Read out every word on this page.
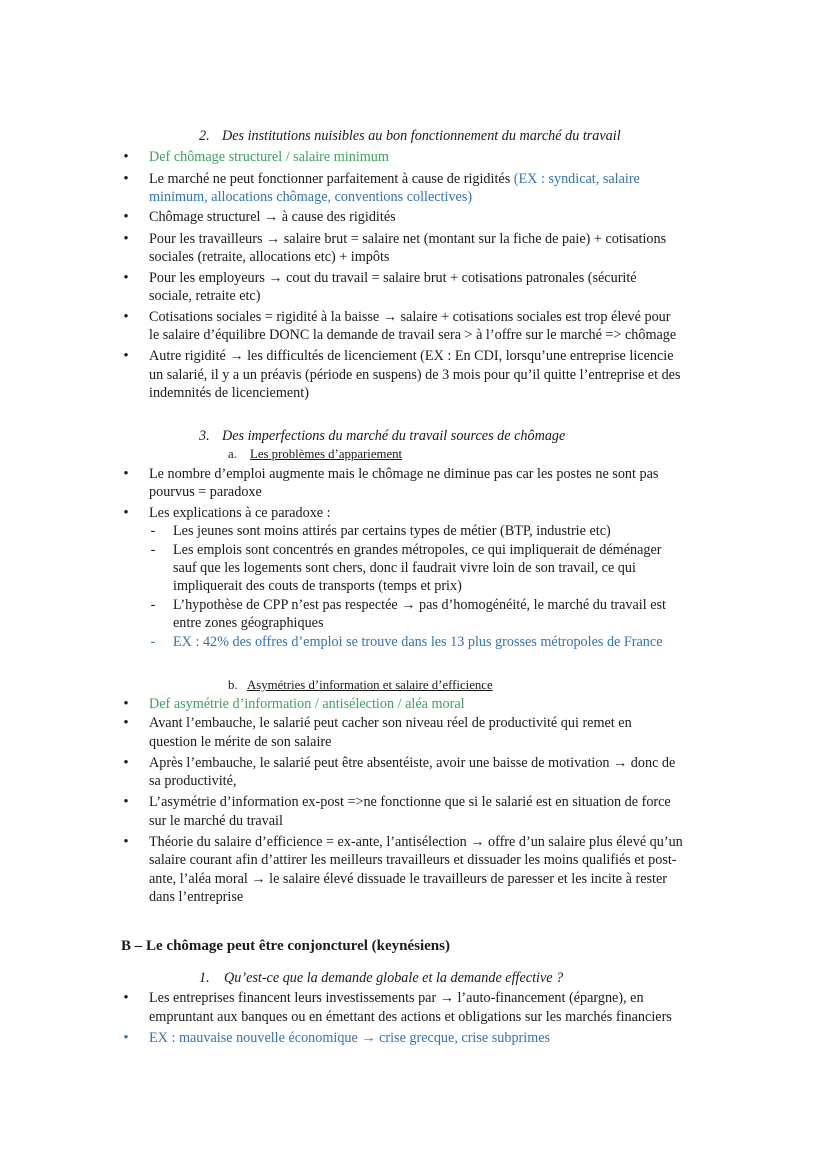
2. Des institutions nuisibles au bon fonctionnement du marché du travail
•	Def chômage structurel / salaire minimum
•	Le marché ne peut fonctionner parfaitement à cause de rigidités (EX : syndicat, salaire
minimum, allocations chômage, conventions collectives)
•	Chômage structurel → à cause des rigidités
•	Pour les travailleurs → salaire brut = salaire net (montant sur la fiche de paie) + cotisations
sociales (retraite, allocations etc) + impôts
•	Pour les employeurs → cout du travail = salaire brut + cotisations patronales (sécurité
sociale, retraite etc)
•	Cotisations sociales = rigidité à la baisse → salaire + cotisations sociales est trop élevé pour
le salaire d’équilibre DONC la demande de travail sera > à l’offre sur le marché => chômage
•	Autre rigidité → les difficultés de licenciement (EX : En CDI, lorsqu’une entreprise licencie
un salarié, il y a un préavis (période en suspens) de 3 mois pour qu’il quitte l’entreprise et des
indemnités de licenciement)
3. Des imperfections du marché du travail sources de chômage
a. Les problèmes d’appariement
•	Le nombre d’emploi augmente mais le chômage ne diminue pas car les postes ne sont pas
pourvus = paradoxe
•	Les explications à ce paradoxe :
- Les jeunes sont moins attirés par certains types de métier (BTP, industrie etc)
- Les emplois sont concentrés en grandes métropoles, ce qui impliquerait de déménager
sauf que les logements sont chers, donc il faudrait vivre loin de son travail, ce qui
impliquerait des couts de transports (temps et prix)
- L’hypothèse de CPP n’est pas respectée → pas d’homogénéité, le marché du travail est
entre zones géographiques
- EX : 42% des offres d’emploi se trouve dans les 13 plus grosses métropoles de France
b. Asymétries d’information et salaire d’efficience
•	Def asymétrie d’information / antisélection / aléa moral
•	Avant l’embauche, le salarié peut cacher son niveau réel de productivité qui remet en
question le mérite de son salaire
•	Après l’embauche, le salarié peut être absentéiste, avoir une baisse de motivation → donc de
sa productivité,
•	L’asymétrie d’information ex-post =>ne fonctionne que si le salarié est en situation de force
sur le marché du travail
•	Théorie du salaire d’efficience = ex-ante, l’antisélection → offre d’un salaire plus élevé qu’un
salaire courant afin d’attirer les meilleurs travailleurs et dissuader les moins qualifiés et post-
ante, l’aléa moral → le salaire élevé dissuade le travailleurs de paresser et les incite à rester
dans l’entreprise
B – Le chômage peut être conjoncturel (keynésiens)
1. Qu’est-ce que la demande globale et la demande effective ?
•	Les entreprises financent leurs investissements par → l’auto-financement (épargne), en
empruntant aux banques ou en émettant des actions et obligations sur les marchés financiers
•	EX : mauvaise nouvelle économique → crise grecque, crise subprimes
